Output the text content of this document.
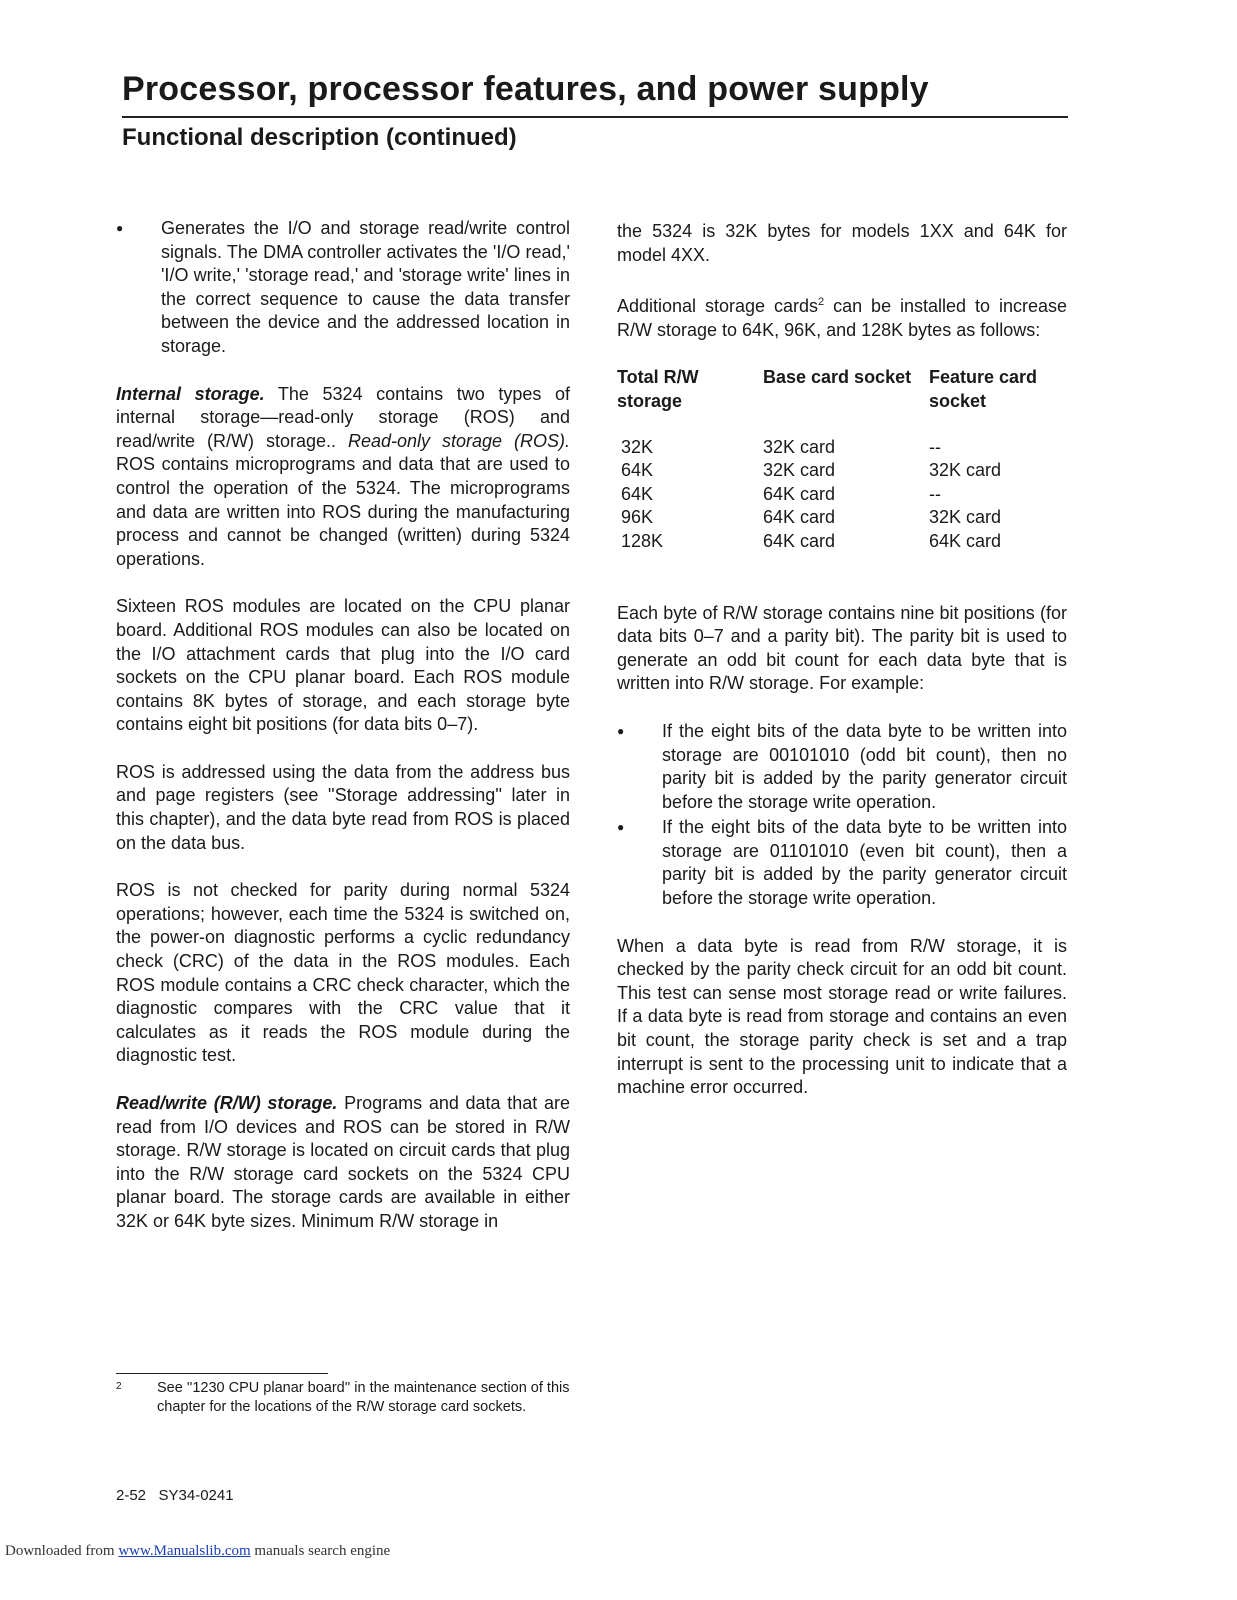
Processor, processor features, and power supply
Functional description (continued)
● Generates the I/O and storage read/write control signals. The DMA controller activates the 'I/O read,' 'I/O write,' 'storage read,' and 'storage write' lines in the correct sequence to cause the data transfer between the device and the addressed location in storage.

Internal storage. The 5324 contains two types of internal storage—read-only storage (ROS) and read/write (R/W) storage.. Read-only storage (ROS). ROS contains microprograms and data that are used to control the operation of the 5324. The microprograms and data are written into ROS during the manufacturing process and cannot be changed (written) during 5324 operations.

Sixteen ROS modules are located on the CPU planar board. Additional ROS modules can also be located on the I/O attachment cards that plug into the I/O card sockets on the CPU planar board. Each ROS module contains 8K bytes of storage, and each storage byte contains eight bit positions (for data bits 0–7).

ROS is addressed using the data from the address bus and page registers (see ''Storage addressing'' later in this chapter), and the data byte read from ROS is placed on the data bus.

ROS is not checked for parity during normal 5324 operations; however, each time the 5324 is switched on, the power-on diagnostic performs a cyclic redundancy check (CRC) of the data in the ROS modules. Each ROS module contains a CRC check character, which the diagnostic compares with the CRC value that it calculates as it reads the ROS module during the diagnostic test.

Read/write (R/W) storage. Programs and data that are read from I/O devices and ROS can be stored in R/W storage. R/W storage is located on circuit cards that plug into the R/W storage card sockets on the 5324 CPU planar board. The storage cards are available in either 32K or 64K byte sizes. Minimum R/W storage in

the 5324 is 32K bytes for models 1XX and 64K for model 4XX.

Additional storage cards$^2$ can be installed to increase R/W storage to 64K, 96K, and 128K bytes as follows:

Total R/W storage	Base card socket	Feature card socket
32K	32K card	--
64K	32K card	32K card
64K	64K card	--
96K	64K card	32K card
128K	64K card	64K card

Each byte of R/W storage contains nine bit positions (for data bits 0–7 and a parity bit). The parity bit is used to generate an odd bit count for each data byte that is written into R/W storage. For example:

● If the eight bits of the data byte to be written into storage are 00101010 (odd bit count), then no parity bit is added by the parity generator circuit before the storage write operation.
● If the eight bits of the data byte to be written into storage are 01101010 (even bit count), then a parity bit is added by the parity generator circuit before the storage write operation.

When a data byte is read from R/W storage, it is checked by the parity check circuit for an odd bit count. This test can sense most storage read or write failures. If a data byte is read from storage and contains an even bit count, the storage parity check is set and a trap interrupt is sent to the processing unit to indicate that a machine error occurred.

2 See ''1230 CPU planar board'' in the maintenance section of this chapter for the locations of the R/W storage card sockets.
2-52   SY34-0241
Downloaded from www.Manualslib.com manuals search engine
